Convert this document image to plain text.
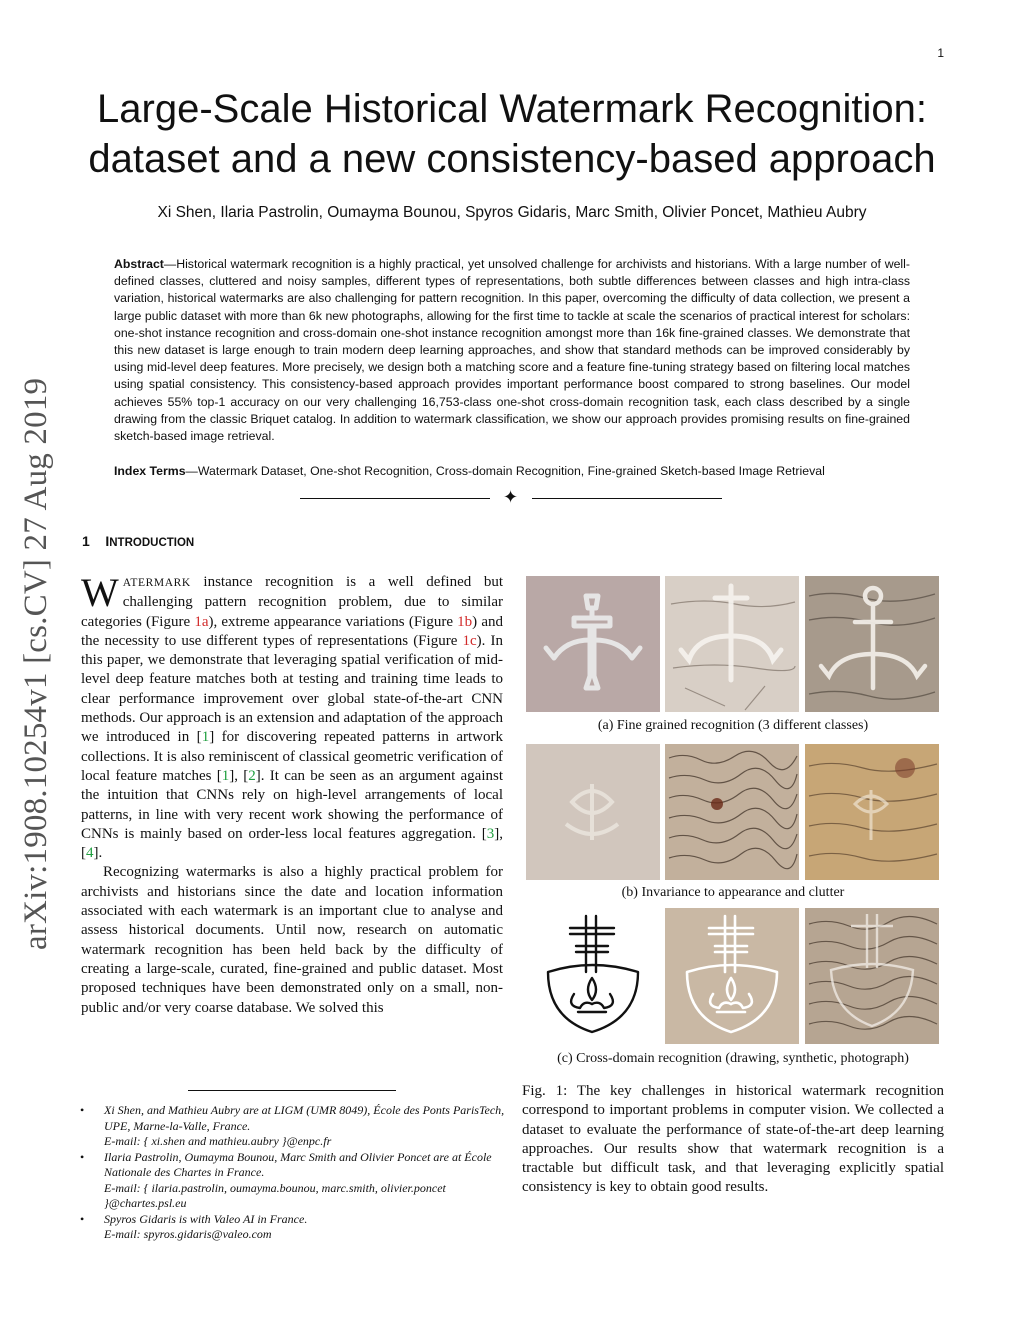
1
Large-Scale Historical Watermark Recognition:
dataset and a new consistency-based approach
Xi Shen, Ilaria Pastrolin, Oumayma Bounou, Spyros Gidaris, Marc Smith, Olivier Poncet, Mathieu Aubry
Abstract—Historical watermark recognition is a highly practical, yet unsolved challenge for archivists and historians. With a large number of well-defined classes, cluttered and noisy samples, different types of representations, both subtle differences between classes and high intra-class variation, historical watermarks are also challenging for pattern recognition. In this paper, overcoming the difficulty of data collection, we present a large public dataset with more than 6k new photographs, allowing for the first time to tackle at scale the scenarios of practical interest for scholars: one-shot instance recognition and cross-domain one-shot instance recognition amongst more than 16k fine-grained classes. We demonstrate that this new dataset is large enough to train modern deep learning approaches, and show that standard methods can be improved considerably by using mid-level deep features. More precisely, we design both a matching score and a feature fine-tuning strategy based on filtering local matches using spatial consistency. This consistency-based approach provides important performance boost compared to strong baselines. Our model achieves 55% top-1 accuracy on our very challenging 16,753-class one-shot cross-domain recognition task, each class described by a single drawing from the classic Briquet catalog. In addition to watermark classification, we show our approach provides promising results on fine-grained sketch-based image retrieval.
Index Terms—Watermark Dataset, One-shot Recognition, Cross-domain Recognition, Fine-grained Sketch-based Image Retrieval
✦
arXiv:1908.10254v1 [cs.CV] 27 Aug 2019 1 INTRODUCTION

WATERMARK instance recognition is a well defined but challenging pattern recognition problem, due to similar categories (Figure 1a), extreme appearance variations (Figure 1b) and the necessity to use different types of representations (Figure 1c). In this paper, we demonstrate that leveraging spatial verification of mid-level deep feature matches both at testing and training time leads to clear performance improvement over global state-of-the-art CNN methods. Our approach is an extension and adaptation of the approach we introduced in [1] for discovering repeated patterns in artwork collections. It is also reminiscent of classical geometric verification of local feature matches [1], [2]. It can be seen as an argument against the intuition that CNNs rely on high-level arrangements of local patterns, in line with very recent work showing the performance of CNNs is mainly based on order-less local features aggregation. [3], [4].

Recognizing watermarks is also a highly practical problem for archivists and historians since the date and location information associated with each watermark is an important clue to analyse and assess historical documents. Until now, research on automatic watermark recognition has been held back by the difficulty of creating a large-scale, curated, fine-grained and public dataset. Most proposed techniques have been demonstrated only on a small, non-public and/or very coarse database. We solved this

• Xi Shen, and Mathieu Aubry are at LIGM (UMR 8049), École des Ponts ParisTech, UPE, Marne-la-Valle, France.
E-mail: { xi.shen and mathieu.aubry }@enpc.fr
• Ilaria Pastrolin, Oumayma Bounou, Marc Smith and Olivier Poncet are at École Nationale des Chartes in France.
E-mail: { ilaria.pastrolin, oumayma.bounou, marc.smith, olivier.poncet }@chartes.psl.eu
• Spyros Gidaris is with Valeo AI in France.
E-mail: spyros.gidaris@valeo.com
(a) Fine grained recognition (3 different classes)
(b) Invariance to appearance and clutter
(c) Cross-domain recognition (drawing, synthetic, photograph)
Fig. 1: The key challenges in historical watermark recognition correspond to important problems in computer vision. We collected a dataset to evaluate the performance of state-of-the-art deep learning approaches. Our results show that watermark recognition is a tractable but difficult task, and that leveraging explicitly spatial consistency is key to obtain good results.
